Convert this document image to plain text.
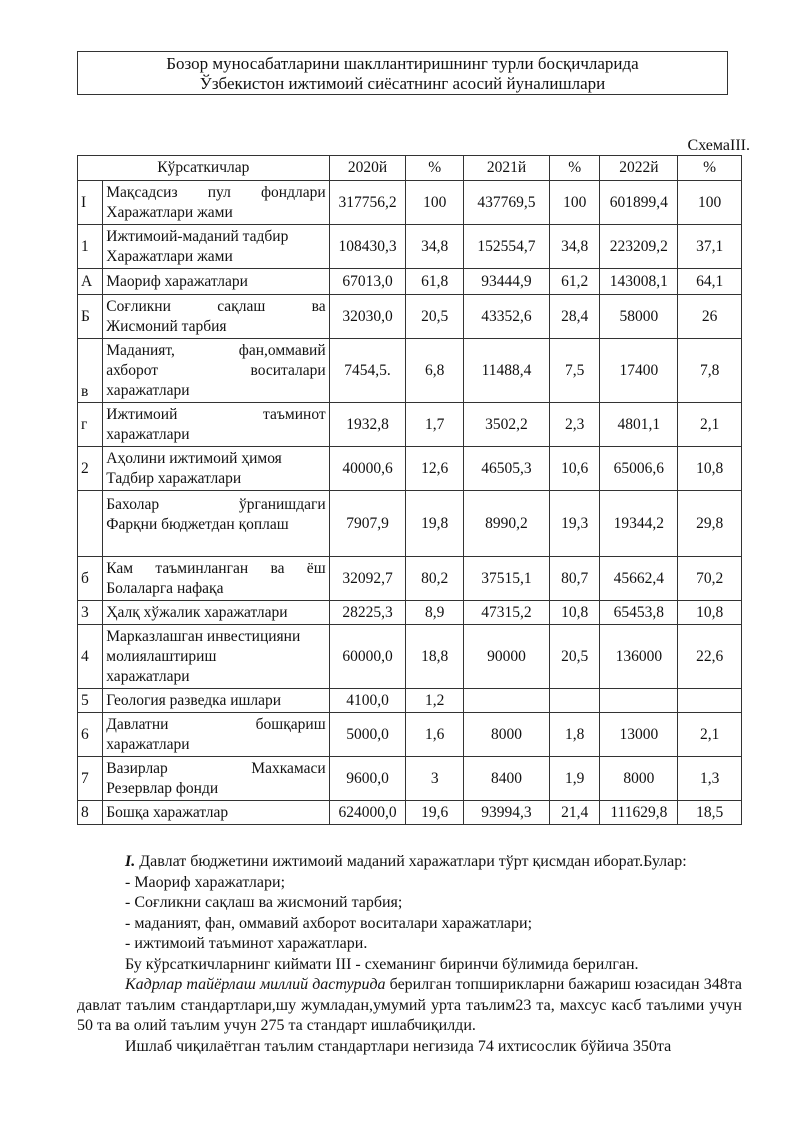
Бозор муносабатларини шакллантиришнинг турли босқичларида
Ўзбекистон ижтимоий сиёсатнинг асосий йуналишлари
СхемаIII.
Кўрсаткичлар		2020й	%	2021й	%	2022й	%
I	Мақсадсиз пул фондлари
Харажатлари жами	317756,2	100	437769,5	100	601899,4	100
1	Ижтимоий-маданий тадбир
Харажатлари жами	108430,3	34,8	152554,7	34,8	223209,2	37,1
А	Маориф харажатлари	67013,0	61,8	93444,9	61,2	143008,1	64,1
Б	Соғликни сақлаш ва
Жисмоний тарбия	32030,0	20,5	43352,6	28,4	58000	26
в	Маданият, фан,оммавий
ахборот воситалари
харажатлари	7454,5.	6,8	11488,4	7,5	17400	7,8
г	Ижтимоий таъминот
харажатлари	1932,8	1,7	3502,2	2,3	4801,1	2,1
2	Аҳолини ижтимоий ҳимоя
Тадбир харажатлари	40000,6	12,6	46505,3	10,6	65006,6	10,8

	Бахолар ўрганишдаги
Фарқни бюджетдан қоплаш	7907,9	19,8	8990,2	19,3	19344,2	29,8
б	Кам таъминланган ва ёш
Болаларга нафақа	32092,7	80,2	37515,1	80,7	45662,4	70,2
3	Ҳалқ хўжалик харажатлари	28225,3	8,9	47315,2	10,8	65453,8	10,8
4	Марказлашган инвестицияни
молиялаштириш
харажатлари	60000,0	18,8	90000	20,5	136000	22,6
5	Геология разведка ишлари	4100,0	1,2				
6	Давлатни бошқариш
харажатлари	5000,0	1,6	8000	1,8	13000	2,1
7	Вазирлар Махкамаси
Резервлар фонди	9600,0	3	8400	1,9	8000	1,3
8	Бошқа харажатлар	624000,0	19,6	93994,3	21,4	111629,8	18,5

I. Давлат бюджетини ижтимоий маданий харажатлари тўрт қисмдан иборат.Булар:

- Маориф харажатлари;
- Соғликни сақлаш ва жисмоний тарбия;
- маданият, фан, оммавий ахборот воситалари харажатлари;
- ижтимоий таъминот харажатлари.

Бу кўрсаткичларнинг киймати III - схеманинг биринчи бўлимида берилган.

Кадрлар тайёрлаш миллий дастурида берилган топширикларни бажариш юзасидан 348та давлат таълим стандартлари,шу жумладан,умумий урта таълим23 та, махсус касб таълими учун 50 та ва олий таълим учун 275 та стандарт ишлабчиқилди.

Ишлаб чиқилаётган таълим стандартлари негизида 74 ихтисослик бўйича 350та
